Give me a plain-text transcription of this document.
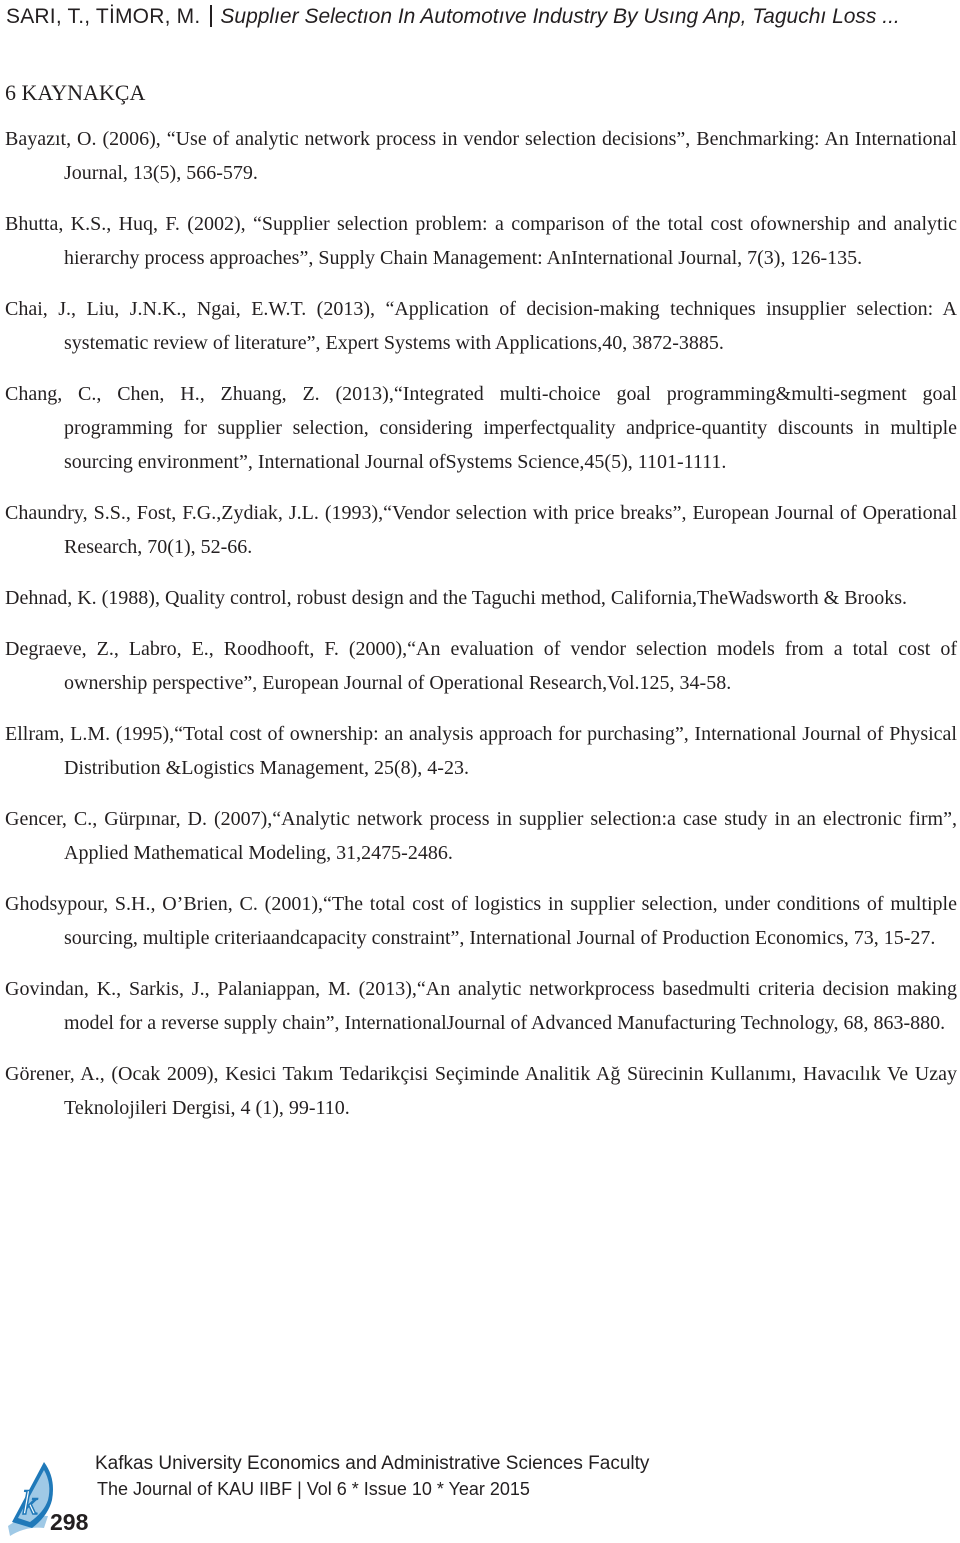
SARI, T., TİMOR, M. Supplıer Selectıon In Automotıve Industry By Usıng Anp, Taguchı Loss ...
6 KAYNAKÇA

Bayazıt, O. (2006), “Use of analytic network process in vendor selection decisions”, Benchmarking: An International Journal, 13(5), 566-579.

Bhutta, K.S., Huq, F. (2002), “Supplier selection problem: a comparison of the total cost ofownership and analytic hierarchy process approaches”, Supply Chain Management: AnInternational Journal, 7(3), 126-135.

Chai, J., Liu, J.N.K., Ngai, E.W.T. (2013), “Application of decision-making techniques insupplier selection: A systematic review of literature”, Expert Systems with Applications,40, 3872-3885.

Chang, C., Chen, H., Zhuang, Z. (2013),“Integrated multi-choice goal programming&multi-segment goal programming for supplier selection, considering imperfectquality andprice-quantity discounts in multiple sourcing environment”, International Journal ofSystems Science,45(5), 1101-1111.

Chaundry, S.S., Fost, F.G.,Zydiak, J.L. (1993),“Vendor selection with price breaks”, European Journal of Operational Research, 70(1), 52-66.

Dehnad, K. (1988), Quality control, robust design and the Taguchi method, California,TheWadsworth & Brooks.

Degraeve, Z., Labro, E., Roodhooft, F. (2000),“An evaluation of vendor selection models from a total cost of ownership perspective”, European Journal of Operational Research,Vol.125, 34-58.

Ellram, L.M. (1995),“Total cost of ownership: an analysis approach for purchasing”, International Journal of Physical Distribution &Logistics Management, 25(8), 4-23.

Gencer, C., Gürpınar, D. (2007),“Analytic network process in supplier selection:a case study in an electronic firm”, Applied Mathematical Modeling, 31,2475-2486.

Ghodsypour, S.H., O’Brien, C. (2001),“The total cost of logistics in supplier selection, under conditions of multiple sourcing, multiple criteriaandcapacity constraint”, International Journal of Production Economics, 73, 15-27.

Govindan, K., Sarkis, J., Palaniappan, M. (2013),“An analytic networkprocess basedmulti criteria decision making model for a reverse supply chain”, InternationalJournal of Advanced Manufacturing Technology, 68, 863-880.

Görener, A., (Ocak 2009), Kesici Takım Tedarikçisi Seçiminde Analitik Ağ Sürecinin Kullanımı, Havacılık Ve Uzay Teknolojileri Dergisi, 4 (1), 99-110.

k 298
Kafkas University Economics and Administrative Sciences Faculty
The Journal of KAU IIBF | Vol 6 * Issue 10 * Year 2015
